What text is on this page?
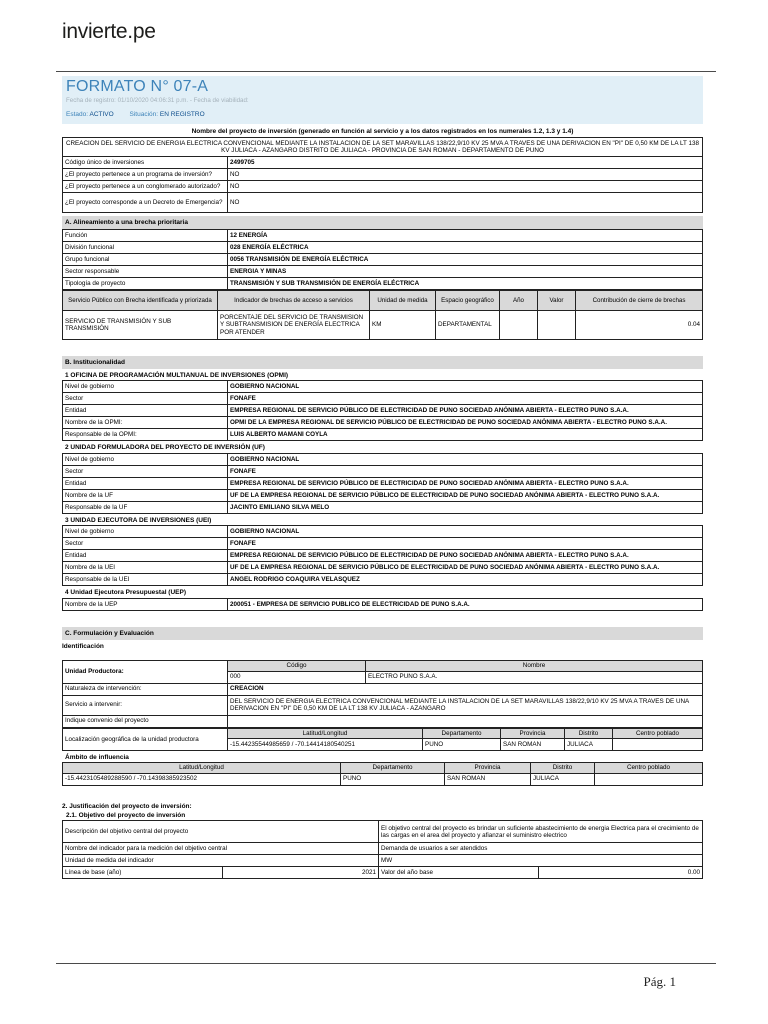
invierte.pe
FORMATO N° 07-A
Fecha de registro: 01/10/2020 04:06:31 p.m. - Fecha de viabilidad:
Estado: ACTIVO Situación: EN REGISTRO
Nombre del proyecto de inversión (generado en función al servicio y a los datos registrados en los numerales 1.2, 1.3 y 1.4)
CREACION DEL SERVICIO DE ENERGIA ELECTRICA CONVENCIONAL MEDIANTE LA INSTALACION DE LA SET MARAVILLAS 138/22,9/10 KV 25 MVA A TRAVES DE UNA DERIVACION EN "PI" DE 0,50 KM DE LA LT 138 KV JULIACA - AZANGARO DISTRITO DE JULIACA - PROVINCIA DE SAN ROMAN - DEPARTAMENTO DE PUNO	
Código único de inversiones	2499705
¿El proyecto pertenece a un programa de inversión?	NO
¿El proyecto pertenece a un conglomerado autorizado?	NO
¿El proyecto corresponde a un Decreto de Emergencia?	NO
A. Alineamiento a una brecha prioritaria
Función	12 ENERGÍA
División funcional	028 ENERGÍA ELÉCTRICA
Grupo funcional	0056 TRANSMISIÓN DE ENERGÍA ELÉCTRICA
Sector responsable	ENERGIA Y MINAS
Tipología de proyecto	TRANSMISIÓN Y SUB TRANSMISIÓN DE ENERGÍA ELÉCTRICA
Servicio Público con Brecha identificada y priorizada	Indicador de brechas de acceso a servicios	Unidad de medida	Espacio geográfico	Año	Valor	Contribución de cierre de brechas
SERVICIO DE TRANSMISIÓN Y SUB TRANSMISIÓN	PORCENTAJE DEL SERVICIO DE TRANSMISION Y SUBTRANSMISION DE ENERGÍA ELECTRICA POR ATENDER	KM	DEPARTAMENTAL			0.04
B. Institucionalidad
1 OFICINA DE PROGRAMACIÓN MULTIANUAL DE INVERSIONES (OPMI)
Nivel de gobierno	GOBIERNO NACIONAL
Sector	FONAFE
Entidad	EMPRESA REGIONAL DE SERVICIO PÚBLICO DE ELECTRICIDAD DE PUNO SOCIEDAD ANÓNIMA ABIERTA - ELECTRO PUNO S.A.A.
Nombre de la OPMI:	OPMI DE LA EMPRESA REGIONAL DE SERVICIO PÚBLICO DE ELECTRICIDAD DE PUNO SOCIEDAD ANÓNIMA ABIERTA - ELECTRO PUNO S.A.A.
Responsable de la OPMI:	LUIS ALBERTO MAMANI COYLA
2 UNIDAD FORMULADORA DEL PROYECTO DE INVERSIÓN (UF)
Nivel de gobierno	GOBIERNO NACIONAL
Sector	FONAFE
Entidad	EMPRESA REGIONAL DE SERVICIO PÚBLICO DE ELECTRICIDAD DE PUNO SOCIEDAD ANÓNIMA ABIERTA - ELECTRO PUNO S.A.A.
Nombre de la UF	UF DE LA EMPRESA REGIONAL DE SERVICIO PÚBLICO DE ELECTRICIDAD DE PUNO SOCIEDAD ANÓNIMA ABIERTA - ELECTRO PUNO S.A.A.
Responsable de la UF	JACINTO EMILIANO SILVA MELO
3 UNIDAD EJECUTORA DE INVERSIONES (UEI)
Nivel de gobierno	GOBIERNO NACIONAL
Sector	FONAFE
Entidad	EMPRESA REGIONAL DE SERVICIO PÚBLICO DE ELECTRICIDAD DE PUNO SOCIEDAD ANÓNIMA ABIERTA - ELECTRO PUNO S.A.A.
Nombre de la UEI	UF DE LA EMPRESA REGIONAL DE SERVICIO PÚBLICO DE ELECTRICIDAD DE PUNO SOCIEDAD ANÓNIMA ABIERTA - ELECTRO PUNO S.A.A.
Responsable de la UEI	ANGEL RODRIGO COAQUIRA VELASQUEZ
4 Unidad Ejecutora Presupuestal (UEP)
Nombre de la UEP	200051 - EMPRESA DE SERVICIO PUBLICO DE ELECTRICIDAD DE PUNO S.A.A.
C. Formulación y Evaluación
Identificación
Unidad Productora:	Código	Nombre
	000	ELECTRO PUNO S.A.A.
Naturaleza de intervención:	CREACION	
Servicio a intervenir:	DEL SERVICIO DE ENERGIA ELECTRICA CONVENCIONAL MEDIANTE LA INSTALACION DE LA SET MARAVILLAS 138/22,9/10 KV 25 MVA A TRAVES DE UNA DERIVACION EN "PI" DE 0,50 KM DE LA LT 138 KV JULIACA - AZANGARO	
Indique convenio del proyecto		
Localización geográfica de la unidad productora	Latitud/Longitud	Departamento	Provincia	Distrito	Centro poblado
	-15.44235544985659 / -70.14414180540251	PUNO	SAN ROMAN	JULIACA	
Ámbito de influencia
Latitud/Longitud	Departamento	Provincia	Distrito	Centro poblado
-15.4423105489288590 / -70.14398385923502	PUNO	SAN ROMAN	JULIACA	
2. Justificación del proyecto de inversión:
2.1. Objetivo del proyecto de inversión
Descripción del objetivo central del proyecto		El objetivo central del proyecto es brindar un suficiente abastecimiento de energia Electrica para el crecimiento de las cargas en el area del proyecto y afianzar el suministro electrico	
Nombre del indicador para la medición del objetivo central		Demanda de usuarios a ser atendidos	
Unidad de medida del indicador		MW	
Línea de base (año)	2021	Valor del año base	0.00
Pág. 1
